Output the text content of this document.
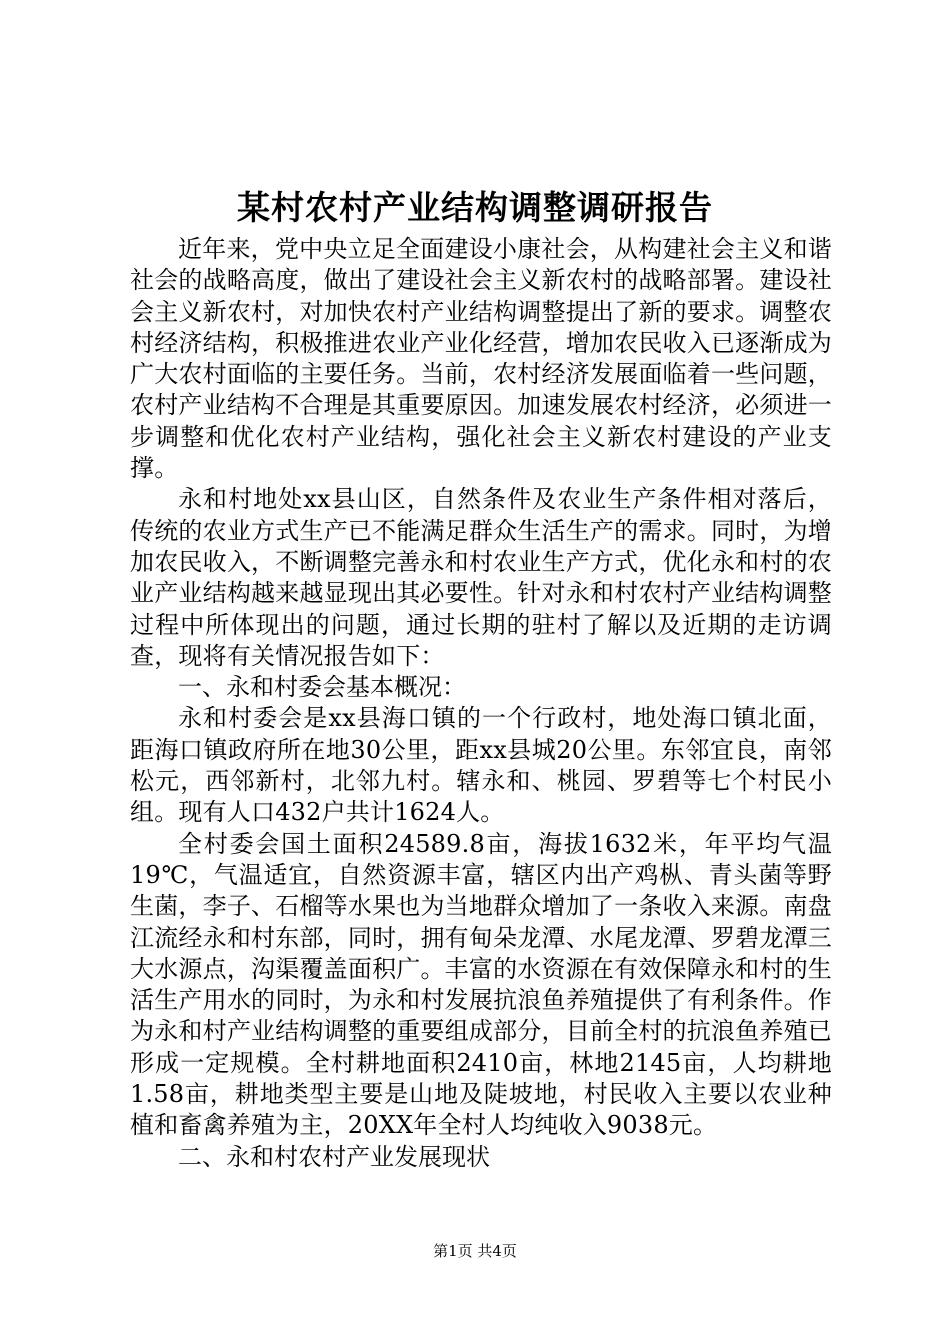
某村农村产业结构调整调研报告

近年来，党中央立足全面建设小康社会，从构建社会主义和谐社会的战略高度，做出了建设社会主义新农村的战略部署。建设社会主义新农村，对加快农村产业结构调整提出了新的要求。调整农村经济结构，积极推进农业产业化经营，增加农民收入已逐渐成为广大农村面临的主要任务。当前，农村经济发展面临着一些问题，农村产业结构不合理是其重要原因。加速发展农村经济，必须进一步调整和优化农村产业结构，强化社会主义新农村建设的产业支撑。

永和村地处xx县山区，自然条件及农业生产条件相对落后，传统的农业方式生产已不能满足群众生活生产的需求。同时，为增加农民收入，不断调整完善永和村农业生产方式，优化永和村的农业产业结构越来越显现出其必要性。针对永和村农村产业结构调整过程中所体现出的问题，通过长期的驻村了解以及近期的走访调查，现将有关情况报告如下：

一、永和村委会基本概况：

永和村委会是xx县海口镇的一个行政村，地处海口镇北面，距海口镇政府所在地30公里，距xx县城20公里。东邻宜良，南邻松元，西邻新村，北邻九村。辖永和、桃园、罗碧等七个村民小组。现有人口432户共计1624人。

全村委会国土面积24589.8亩，海拔1632米，年平均气温19℃，气温适宜，自然资源丰富，辖区内出产鸡枞、青头菌等野生菌，李子、石榴等水果也为当地群众增加了一条收入来源。南盘江流经永和村东部，同时，拥有甸朵龙潭、水尾龙潭、罗碧龙潭三大水源点，沟渠覆盖面积广。丰富的水资源在有效保障永和村的生活生产用水的同时，为永和村发展抗浪鱼养殖提供了有利条件。作为永和村产业结构调整的重要组成部分，目前全村的抗浪鱼养殖已形成一定规模。全村耕地面积2410亩，林地2145亩，人均耕地1.58亩，耕地类型主要是山地及陡坡地，村民收入主要以农业种植和畜禽养殖为主，20XX年全村人均纯收入9038元。

二、永和村农村产业发展现状

第1页 共4页
